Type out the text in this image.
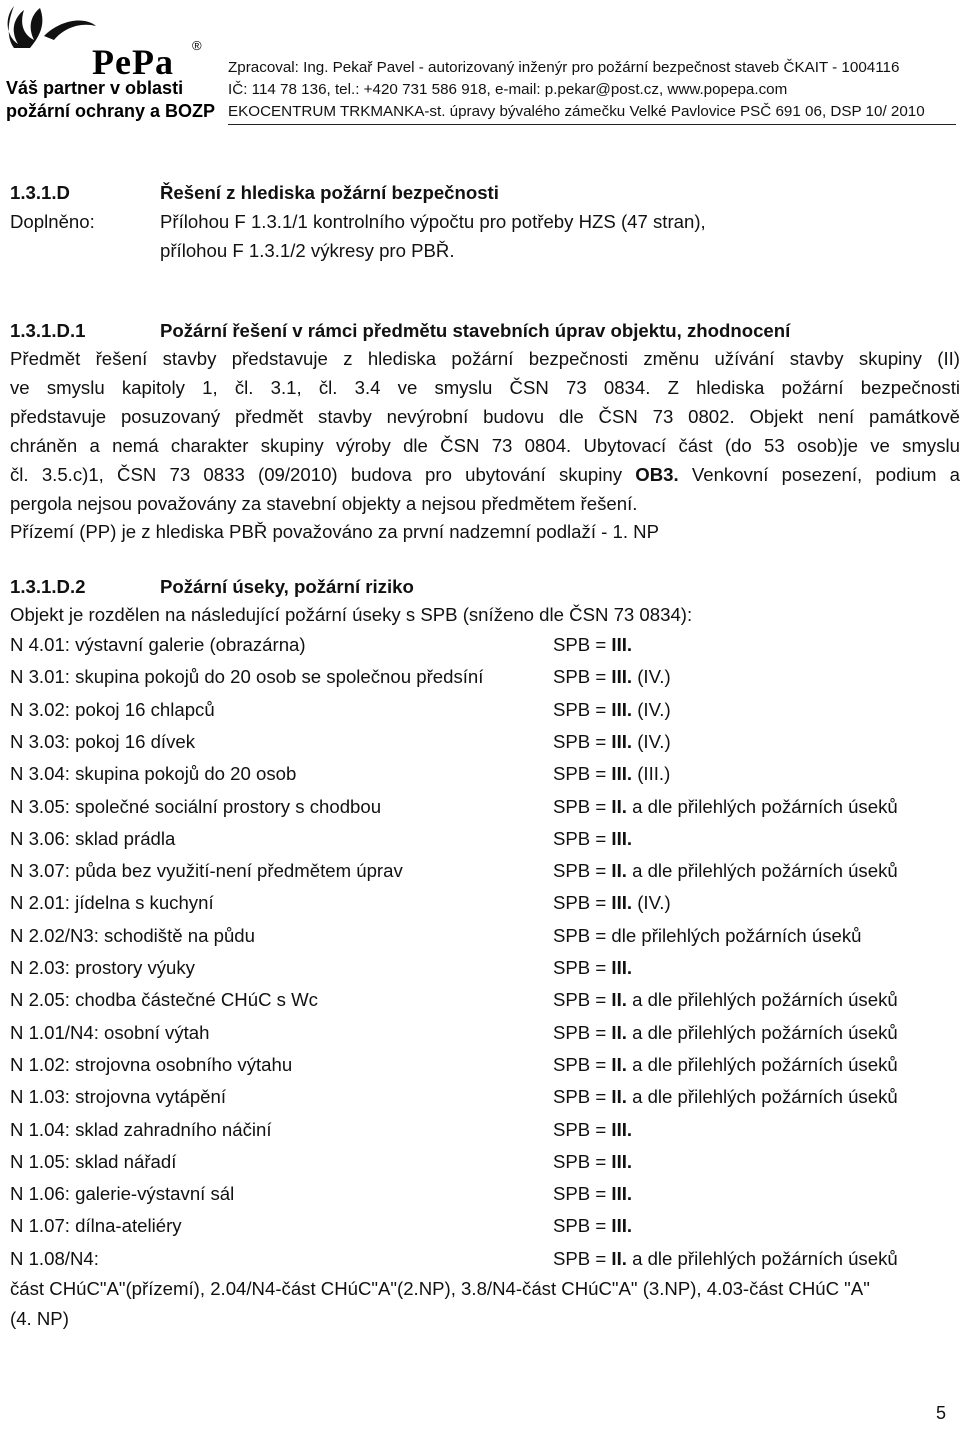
PePa ®
Váš partner v oblasti
požární ochrany a BOZP
Zpracoval: Ing. Pekař Pavel - autorizovaný inženýr pro požární bezpečnost staveb ČKAIT - 1004116
IČ: 114 78 136, tel.: +420 731 586 918, e-mail: p.pekar@post.cz, www.popepa.com
EKOCENTRUM TRKMANKA-st. úpravy bývalého zámečku Velké Pavlovice PSČ 691 06, DSP 10/ 2010
1.3.1.D	Řešení z hlediska požární bezpečnosti
Doplněno:	Přílohou F 1.3.1/1 kontrolního výpočtu pro potřeby HZS (47 stran),
přílohou F 1.3.1/2 výkresy pro PBŘ.
1.3.1.D.1	Požární řešení v rámci předmětu stavebních úprav objektu, zhodnocení
Předmět řešení stavby představuje z hlediska požární bezpečnosti změnu užívání stavby skupiny (II)
ve smyslu kapitoly 1, čl. 3.1, čl. 3.4 ve smyslu ČSN 73 0834. Z hlediska požární bezpečnosti
představuje posuzovaný předmět stavby nevýrobní budovu dle ČSN 73 0802. Objekt není památkově
chráněn a nemá charakter skupiny výroby dle ČSN 73 0804. Ubytovací část (do 53 osob)je ve smyslu
čl. 3.5.c)1, ČSN 73 0833 (09/2010) budova pro ubytování skupiny OB3. Venkovní posezení, podium a
pergola nejsou považovány za stavební objekty a nejsou předmětem řešení.
Přízemí (PP) je z hlediska PBŘ považováno za první nadzemní podlaží - 1. NP
1.3.1.D.2	Požární úseky, požární riziko
Objekt je rozdělen na následující požární úseky s SPB (sníženo dle ČSN 73 0834):
N 4.01: výstavní galerie (obrazárna)	SPB = III.
N 3.01: skupina pokojů do 20 osob se společnou předsíní	SPB = III. (IV.)
N 3.02: pokoj 16 chlapců	SPB = III. (IV.)
N 3.03: pokoj 16 dívek	SPB = III. (IV.)
N 3.04: skupina pokojů do 20 osob	SPB = III. (III.)
N 3.05: společné sociální prostory s chodbou	SPB = II. a dle přilehlých požárních úseků
N 3.06: sklad prádla	SPB = III.
N 3.07: půda bez využití-není předmětem úprav	SPB = II. a dle přilehlých požárních úseků
N 2.01: jídelna s kuchyní	SPB = III. (IV.)
N 2.02/N3: schodiště na půdu	SPB = dle přilehlých požárních úseků
N 2.03: prostory výuky	SPB = III.
N 2.05: chodba částečné CHúC s Wc	SPB = II. a dle přilehlých požárních úseků
N 1.01/N4: osobní výtah	SPB = II. a dle přilehlých požárních úseků
N 1.02: strojovna osobního výtahu	SPB = II. a dle přilehlých požárních úseků
N 1.03: strojovna vytápění	SPB = II. a dle přilehlých požárních úseků
N 1.04: sklad zahradního náčiní	SPB = III.
N 1.05: sklad nářadí	SPB = III.
N 1.06: galerie-výstavní sál	SPB = III.
N 1.07: dílna-ateliéry	SPB = III.
N 1.08/N4:	SPB = II. a dle přilehlých požárních úseků
část CHúC"A"(přízemí), 2.04/N4-část CHúC"A"(2.NP), 3.8/N4-část CHúC"A" (3.NP), 4.03-část CHúC "A"
(4. NP)
5
